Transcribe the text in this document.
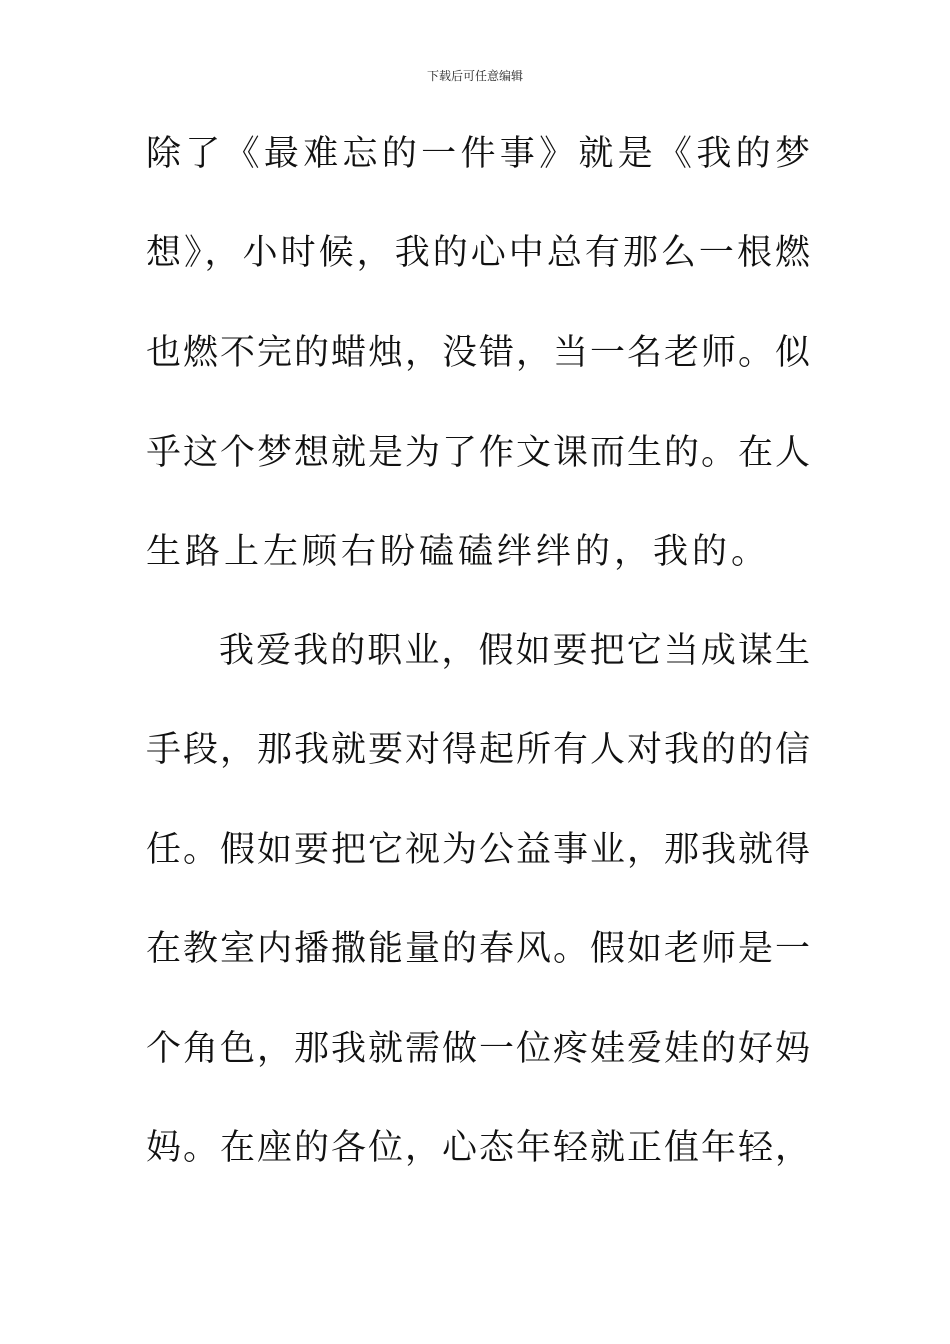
下载后可任意编辑
除了《最难忘的一件事》就是《我的梦
想》，小时候，我的心中总有那么一根燃
也燃不完的蜡烛，没错，当一名老师。似
乎这个梦想就是为了作文课而生的。在人
生路上左顾右盼磕磕绊绊的，我的。
我爱我的职业，假如要把它当成谋生
手段，那我就要对得起所有人对我的的信
任。假如要把它视为公益事业，那我就得
在教室内播撒能量的春风。假如老师是一
个角色，那我就需做一位疼娃爱娃的好妈
妈。在座的各位，心态年轻就正值年轻，
